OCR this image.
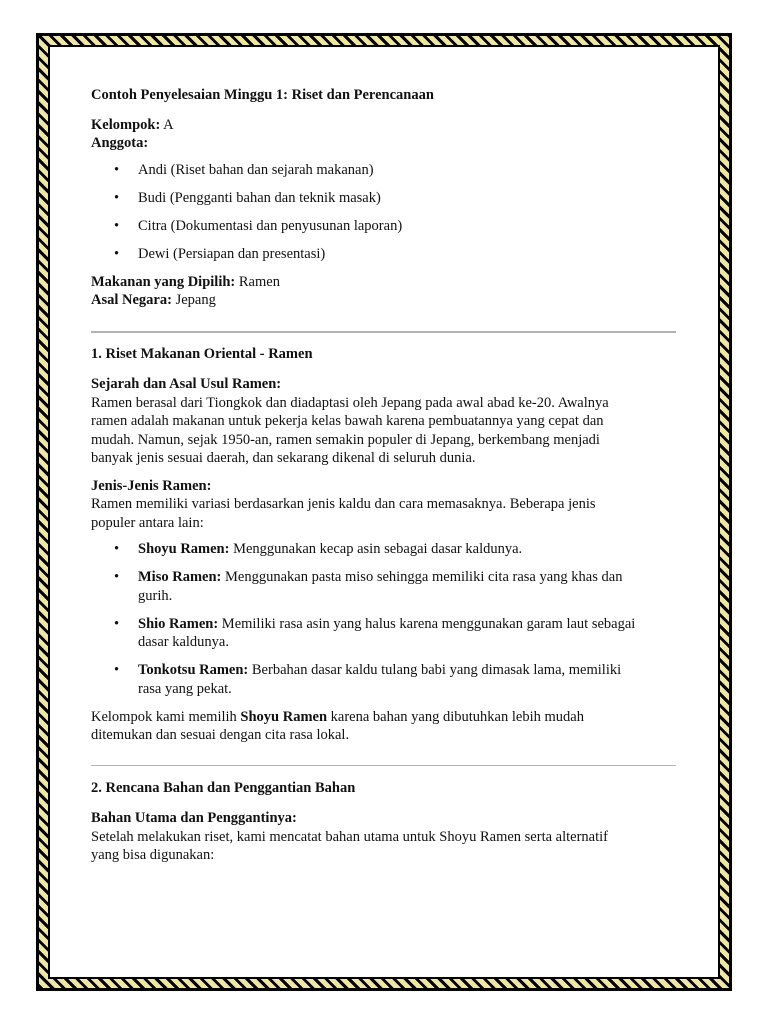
Contoh Penyelesaian Minggu 1: Riset dan Perencanaan

Kelompok: A

Anggota:

• Andi (Riset bahan dan sejarah makanan)
• Budi (Pengganti bahan dan teknik masak)
• Citra (Dokumentasi dan penyusunan laporan)
• Dewi (Persiapan dan presentasi)

Makanan yang Dipilih: Ramen

Asal Negara: Jepang

1. Riset Makanan Oriental - Ramen

Sejarah dan Asal Usul Ramen:

Ramen berasal dari Tiongkok dan diadaptasi oleh Jepang pada awal abad ke-20. Awalnya
ramen adalah makanan untuk pekerja kelas bawah karena pembuatannya yang cepat dan
mudah. Namun, sejak 1950-an, ramen semakin populer di Jepang, berkembang menjadi
banyak jenis sesuai daerah, dan sekarang dikenal di seluruh dunia.

Jenis-Jenis Ramen:

Ramen memiliki variasi berdasarkan jenis kaldu dan cara memasaknya. Beberapa jenis
populer antara lain:

• Shoyu Ramen: Menggunakan kecap asin sebagai dasar kaldunya.
• Miso Ramen: Menggunakan pasta miso sehingga memiliki cita rasa yang khas dan
gurih.
• Shio Ramen: Memiliki rasa asin yang halus karena menggunakan garam laut sebagai
dasar kaldunya.
• Tonkotsu Ramen: Berbahan dasar kaldu tulang babi yang dimasak lama, memiliki
rasa yang pekat.

Kelompok kami memilih Shoyu Ramen karena bahan yang dibutuhkan lebih mudah
ditemukan dan sesuai dengan cita rasa lokal.

2. Rencana Bahan dan Penggantian Bahan

Bahan Utama dan Penggantinya:

Setelah melakukan riset, kami mencatat bahan utama untuk Shoyu Ramen serta alternatif
yang bisa digunakan:
